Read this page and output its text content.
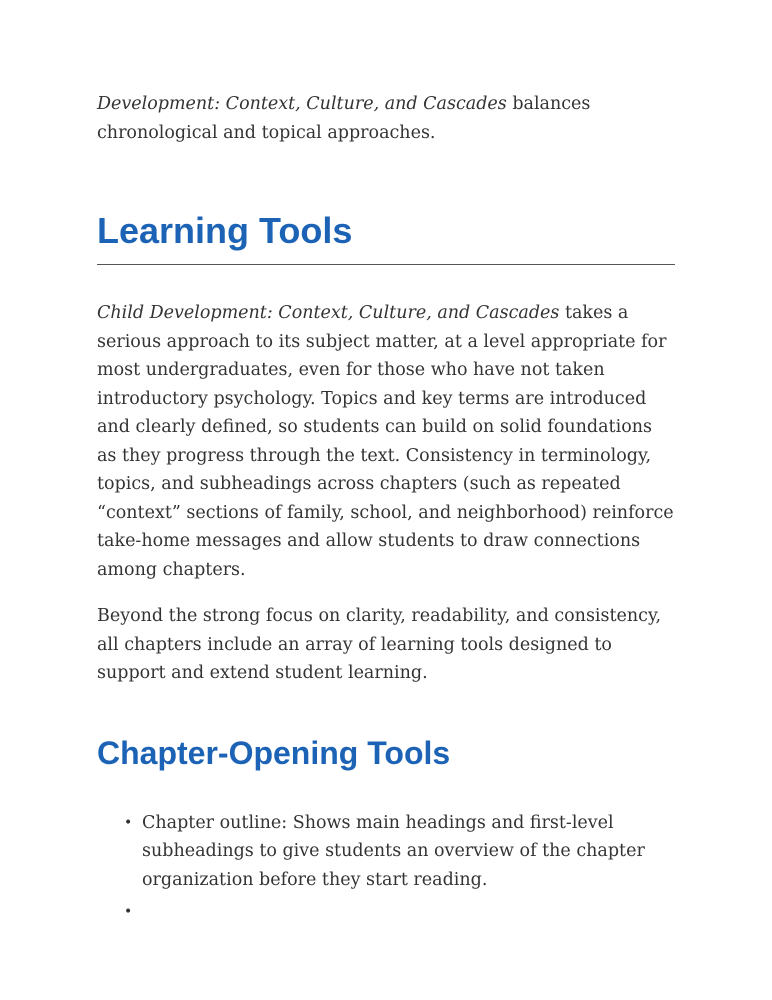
Development: Context, Culture, and Cascades balances chronological and topical approaches.

Learning Tools

Child Development: Context, Culture, and Cascades takes a serious approach to its subject matter, at a level appropriate for most undergraduates, even for those who have not taken introductory psychology. Topics and key terms are introduced and clearly defined, so students can build on solid foundations as they progress through the text. Consistency in terminology, topics, and subheadings across chapters (such as repeated “context” sections of family, school, and neighborhood) reinforce take-home messages and allow students to draw connections among chapters.

Beyond the strong focus on clarity, readability, and consistency, all chapters include an array of learning tools designed to support and extend student learning.

Chapter-Opening Tools
• Chapter outline: Shows main headings and first-level subheadings to give students an overview of the chapter organization before they start reading.
•
